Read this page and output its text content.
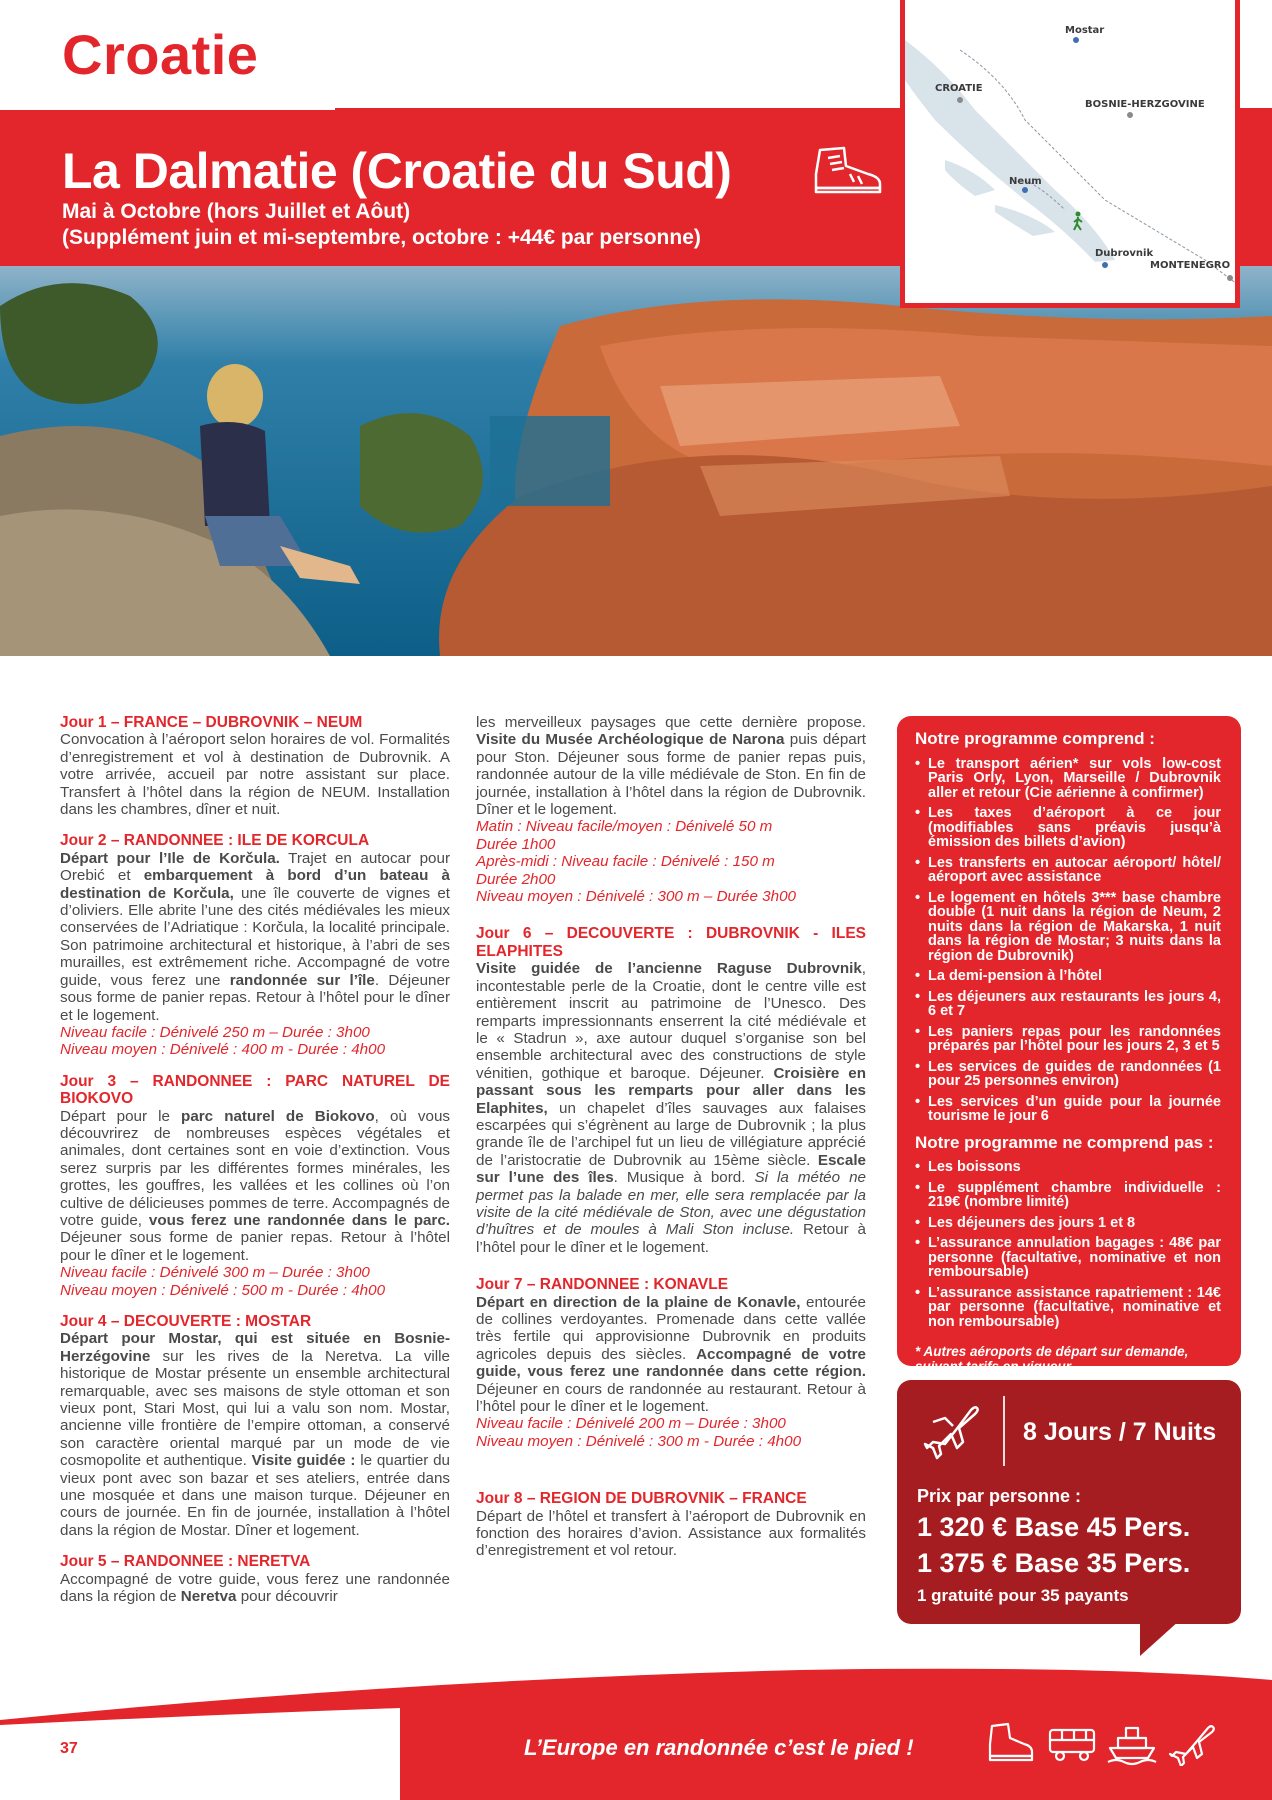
Croatie
La Dalmatie (Croatie du Sud)
Mai à Octobre (hors Juillet et Aôut)
(Supplément juin et mi-septembre, octobre : +44€ par personne)
Mostar
CROATIE
BOSNIE-HERZGOVINE
Neum
Dubrovnik
MONTENEGRO
Jour 1 – FRANCE – DUBROVNIK – NEUM
Convocation à l’aéroport selon horaires de vol. Formalités d’enregistrement et vol à destination de Dubrovnik. A votre arrivée, accueil par notre assistant sur place. Transfert à l’hôtel dans la région de NEUM. Installation dans les chambres, dîner et nuit.
Jour 2 – RANDONNEE : ILE DE KORCULA
Départ pour l’Ile de Korčula. Trajet en autocar pour Orebić et embarquement à bord d’un bateau à destination de Korčula, une île couverte de vignes et d’oliviers. Elle abrite l’une des cités médiévales les mieux conservées de l’Adriatique : Korčula, la localité principale. Son patrimoine architectural et historique, à l’abri de ses murailles, est extrêmement riche. Accompagné de votre guide, vous ferez une randonnée sur l’île. Déjeuner sous forme de panier repas. Retour à l’hôtel pour le dîner et le logement.
Niveau facile : Dénivelé 250 m – Durée : 3h00
Niveau moyen : Dénivelé : 400 m - Durée : 4h00
Jour 3 – RANDONNEE : PARC NATUREL DE BIOKOVO
Départ pour le parc naturel de Biokovo, où vous découvrirez de nombreuses espèces végétales et animales, dont certaines sont en voie d’extinction. Vous serez surpris par les différentes formes minérales, les grottes, les gouffres, les vallées et les collines où l’on cultive de délicieuses pommes de terre. Accompagnés de votre guide, vous ferez une randonnée dans le parc. Déjeuner sous forme de panier repas. Retour à l’hôtel pour le dîner et le logement.
Niveau facile : Dénivelé 300 m – Durée : 3h00
Niveau moyen : Dénivelé : 500 m - Durée : 4h00
Jour 4 – DECOUVERTE : MOSTAR
Départ pour Mostar, qui est située en Bosnie-Herzégovine sur les rives de la Neretva. La ville historique de Mostar présente un ensemble architectural remarquable, avec ses maisons de style ottoman et son vieux pont, Stari Most, qui lui a valu son nom. Mostar, ancienne ville frontière de l’empire ottoman, a conservé son caractère oriental marqué par un mode de vie cosmopolite et authentique. Visite guidée : le quartier du vieux pont avec son bazar et ses ateliers, entrée dans une mosquée et dans une maison turque. Déjeuner en cours de journée. En fin de journée, installation à l’hôtel dans la région de Mostar. Dîner et logement.
Jour 5 – RANDONNEE : NERETVA
Accompagné de votre guide, vous ferez une randonnée dans la région de Neretva pour découvrir
les merveilleux paysages que cette dernière propose. Visite du Musée Archéologique de Narona puis départ pour Ston. Déjeuner sous forme de panier repas puis, randonnée autour de la ville médiévale de Ston. En fin de journée, installation à l’hôtel dans la région de Dubrovnik. Dîner et le logement.
Matin : Niveau facile/moyen : Dénivelé 50 m
Durée 1h00
Après-midi : Niveau facile : Dénivelé : 150 m
Durée 2h00
Niveau moyen : Dénivelé : 300 m – Durée 3h00
Jour 6 – DECOUVERTE : DUBROVNIK - ILES ELAPHITES
Visite guidée de l’ancienne Raguse Dubrovnik, incontestable perle de la Croatie, dont le centre ville est entièrement inscrit au patrimoine de l’Unesco. Des remparts impressionnants enserrent la cité médiévale et le « Stadrun », axe autour duquel s’organise son bel ensemble architectural avec des constructions de style vénitien, gothique et baroque. Déjeuner. Croisière en passant sous les remparts pour aller dans les Elaphites, un chapelet d’îles sauvages aux falaises escarpées qui s’égrènent au large de Dubrovnik ; la plus grande île de l’archipel fut un lieu de villégiature apprécié de l’aristocratie de Dubrovnik au 15ème siècle. Escale sur l’une des îles. Musique à bord. Si la météo ne permet pas la balade en mer, elle sera remplacée par la visite de la cité médiévale de Ston, avec une dégustation d’huîtres et de moules à Mali Ston incluse. Retour à l’hôtel pour le dîner et le logement.
Jour 7 – RANDONNEE : KONAVLE
Départ en direction de la plaine de Konavle, entourée de collines verdoyantes. Promenade dans cette vallée très fertile qui approvisionne Dubrovnik en produits agricoles depuis des siècles. Accompagné de votre guide, vous ferez une randonnée dans cette région. Déjeuner en cours de randonnée au restaurant. Retour à l’hôtel pour le dîner et le logement.
Niveau facile : Dénivelé 200 m – Durée : 3h00
Niveau moyen : Dénivelé : 300 m - Durée : 4h00
Jour 8 – REGION DE DUBROVNIK – FRANCE
Départ de l’hôtel et transfert à l’aéroport de Dubrovnik en fonction des horaires d’avion. Assistance aux formalités d’enregistrement et vol retour.
Notre programme comprend :
• Le transport aérien* sur vols low-cost Paris Orly, Lyon, Marseille / Dubrovnik aller et retour (Cie aérienne à confirmer)
• Les taxes d’aéroport à ce jour (modifiables sans préavis jusqu’à émission des billets d’avion)
• Les transferts en autocar aéroport/ hôtel/ aéroport avec assistance
• Le logement en hôtels 3*** base chambre double (1 nuit dans la région de Neum, 2 nuits dans la région de Makarska, 1 nuit dans la région de Mostar; 3 nuits dans la région de Dubrovnik)
• La demi-pension à l’hôtel
• Les déjeuners aux restaurants les jours 4, 6 et 7
• Les paniers repas pour les randonnées préparés par l’hôtel pour les jours 2, 3 et 5
• Les services de guides de randonnées (1 pour 25 personnes environ)
• Les services d’un guide pour la journée tourisme le jour 6
Notre programme ne comprend pas :
• Les boissons
• Le supplément chambre individuelle : 219€ (nombre limité)
• Les déjeuners des jours 1 et 8
• L’assurance annulation bagages : 48€ par personne (facultative, nominative et non remboursable)
• L’assurance assistance rapatriement : 14€ par personne (facultative, nominative et non remboursable)
* Autres aéroports de départ sur demande, suivant tarifs en vigueur
8 Jours / 7 Nuits
Prix par personne :
1 320 € Base 45 Pers.
1 375 € Base 35 Pers.
1 gratuité pour 35 payants
37	L’Europe en randonnée c’est le pied !
